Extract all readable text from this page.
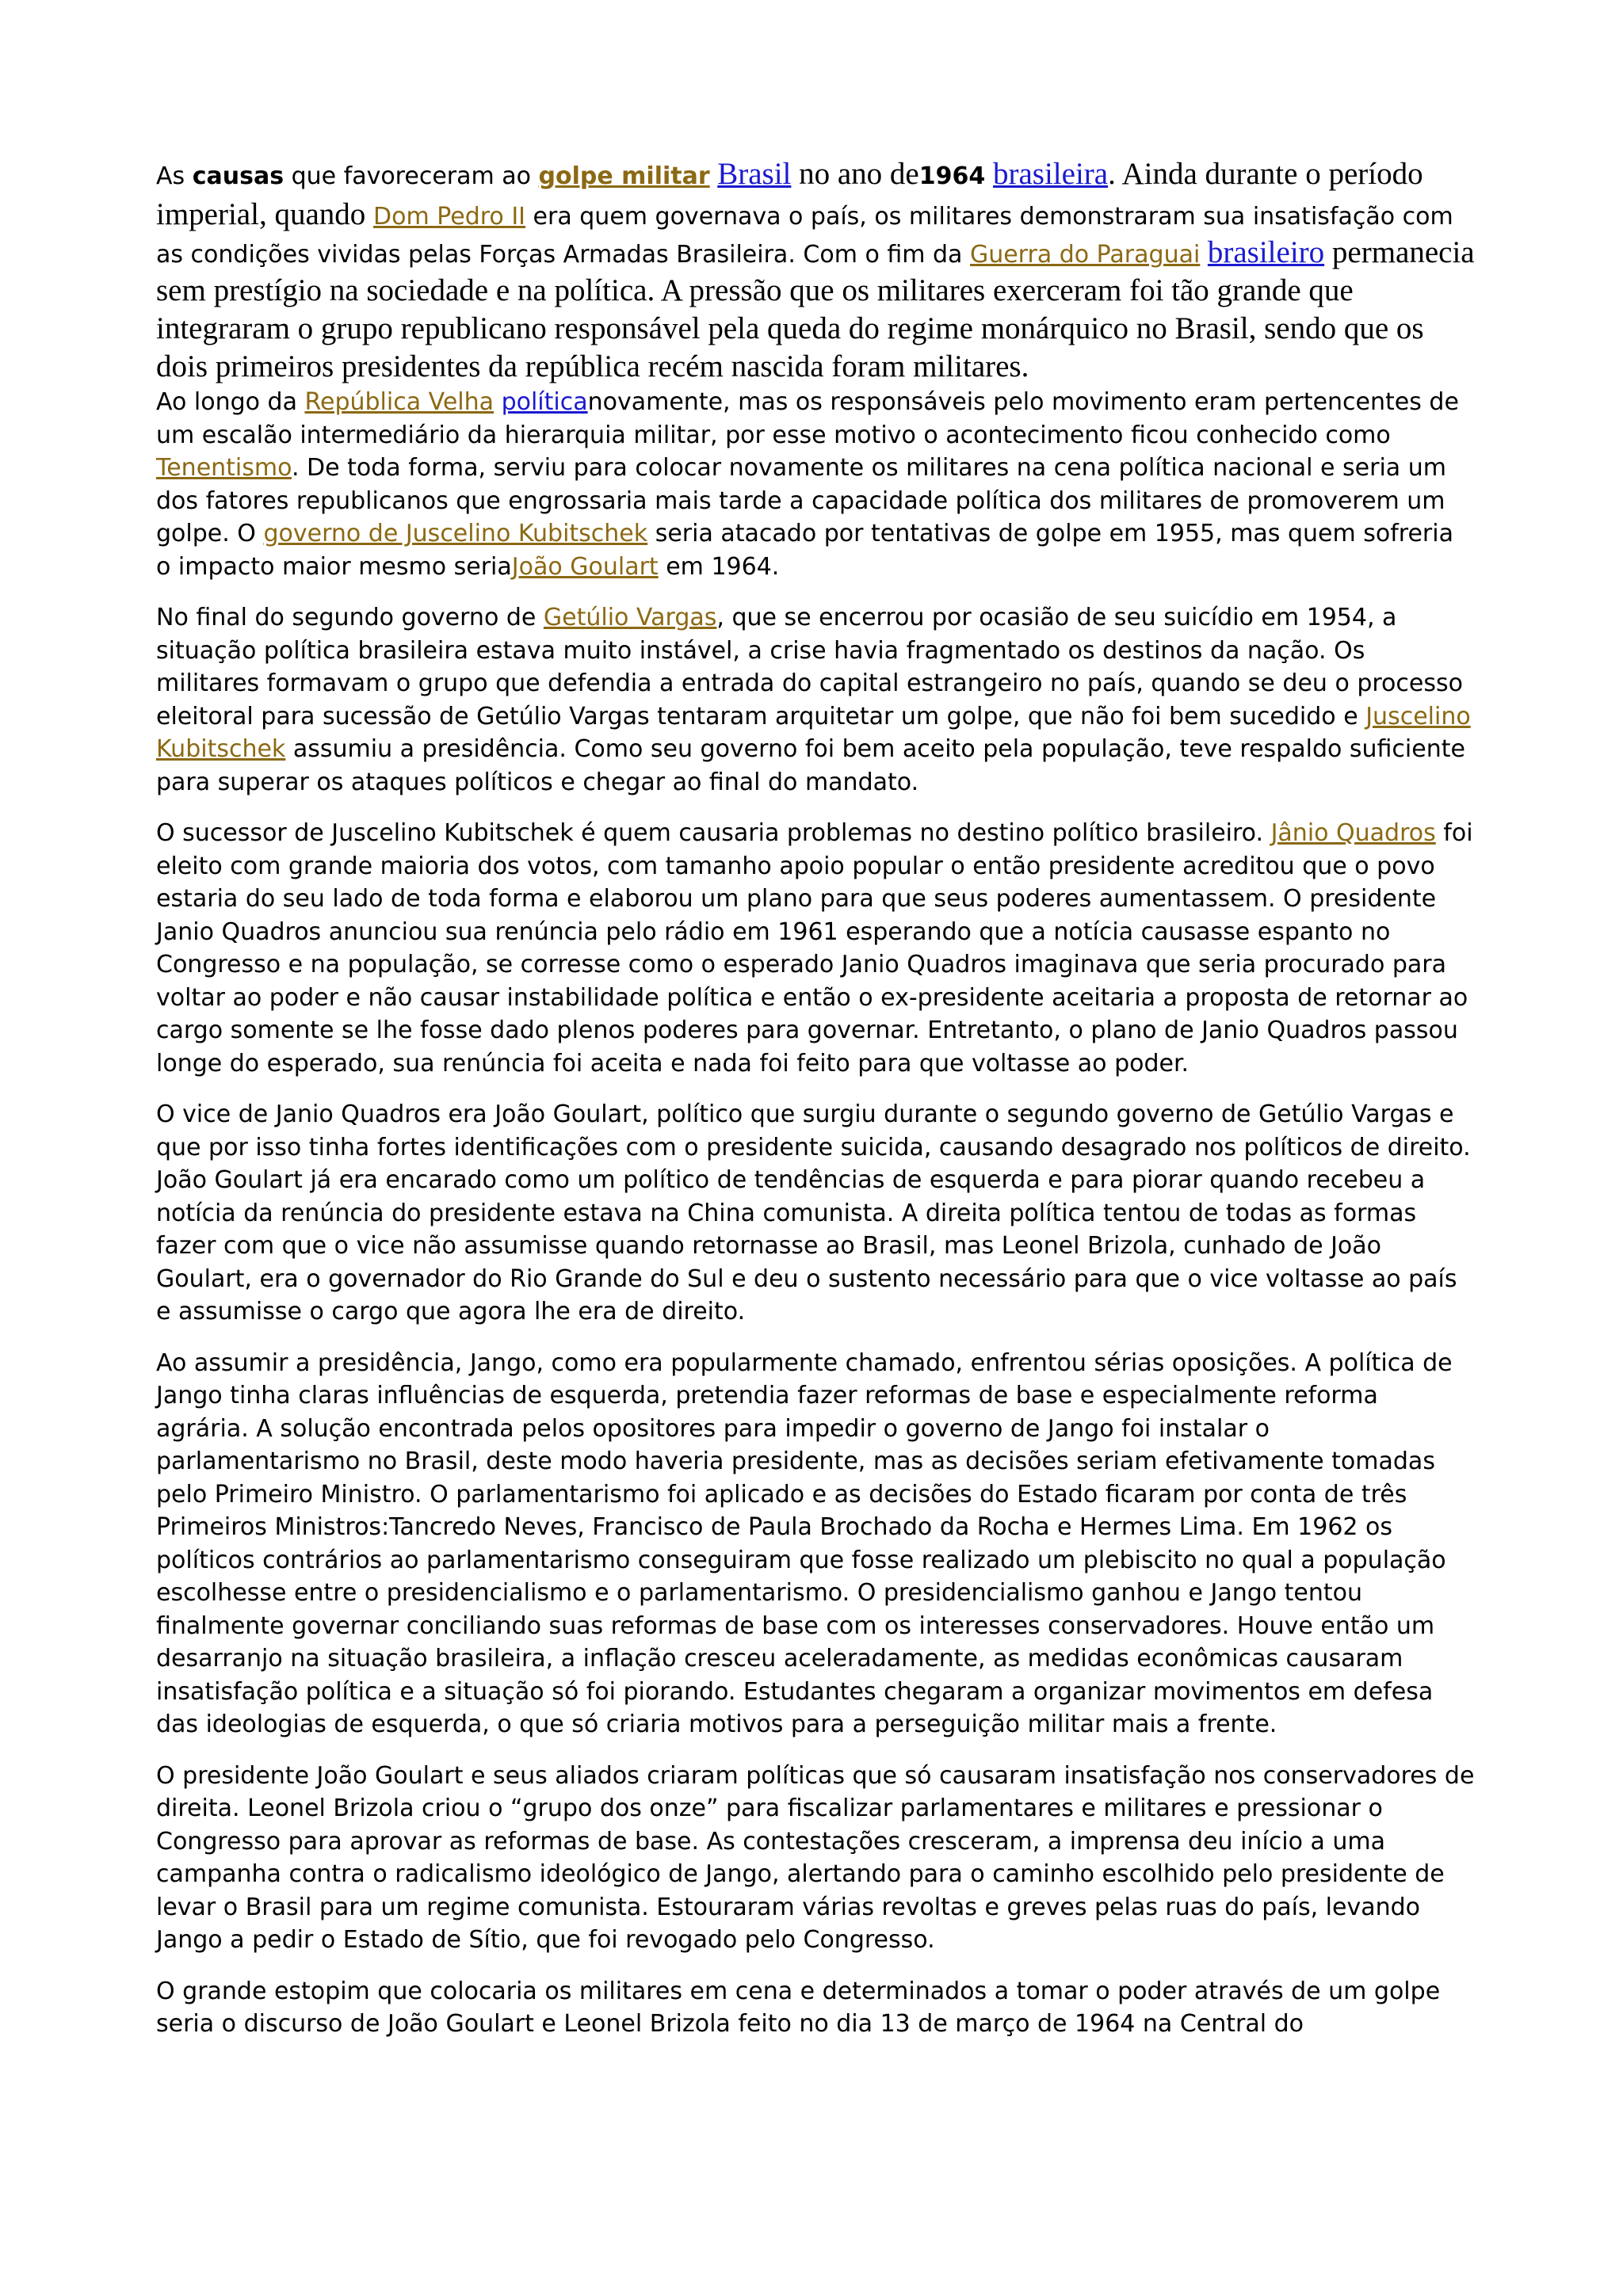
As causas que favoreceram ao golpe militar Brasil no ano de1964 brasileira. Ainda durante o período imperial, quando Dom Pedro II era quem governava o país, os militares demonstraram sua insatisfação com as condições vividas pelas Forças Armadas Brasileira. Com o fim da Guerra do Paraguai brasileiro permanecia sem prestígio na sociedade e na política. A pressão que os militares exerceram foi tão grande que integraram o grupo republicano responsável pela queda do regime monárquico no Brasil, sendo que os dois primeiros presidentes da república recém nascida foram militares.

Ao longo da República Velha políticanovamente, mas os responsáveis pelo movimento eram pertencentes de um escalão intermediário da hierarquia militar, por esse motivo o acontecimento ficou conhecido como Tenentismo. De toda forma, serviu para colocar novamente os militares na cena política nacional e seria um dos fatores republicanos que engrossaria mais tarde a capacidade política dos militares de promoverem um golpe. O governo de Juscelino Kubitschek seria atacado por tentativas de golpe em 1955, mas quem sofreria o impacto maior mesmo seriaJoão Goulart em 1964.

No final do segundo governo de Getúlio Vargas, que se encerrou por ocasião de seu suicídio em 1954, a situação política brasileira estava muito instável, a crise havia fragmentado os destinos da nação. Os militares formavam o grupo que defendia a entrada do capital estrangeiro no país, quando se deu o processo eleitoral para sucessão de Getúlio Vargas tentaram arquitetar um golpe, que não foi bem sucedido e Juscelino Kubitschek assumiu a presidência. Como seu governo foi bem aceito pela população, teve respaldo suficiente para superar os ataques políticos e chegar ao final do mandato.

O sucessor de Juscelino Kubitschek é quem causaria problemas no destino político brasileiro. Jânio Quadros foi eleito com grande maioria dos votos, com tamanho apoio popular o então presidente acreditou que o povo estaria do seu lado de toda forma e elaborou um plano para que seus poderes aumentassem. O presidente Janio Quadros anunciou sua renúncia pelo rádio em 1961 esperando que a notícia causasse espanto no Congresso e na população, se corresse como o esperado Janio Quadros imaginava que seria procurado para voltar ao poder e não causar instabilidade política e então o ex-presidente aceitaria a proposta de retornar ao cargo somente se lhe fosse dado plenos poderes para governar. Entretanto, o plano de Janio Quadros passou longe do esperado, sua renúncia foi aceita e nada foi feito para que voltasse ao poder.

O vice de Janio Quadros era João Goulart, político que surgiu durante o segundo governo de Getúlio Vargas e que por isso tinha fortes identificações com o presidente suicida, causando desagrado nos políticos de direito. João Goulart já era encarado como um político de tendências de esquerda e para piorar quando recebeu a notícia da renúncia do presidente estava na China comunista. A direita política tentou de todas as formas fazer com que o vice não assumisse quando retornasse ao Brasil, mas Leonel Brizola, cunhado de João Goulart, era o governador do Rio Grande do Sul e deu o sustento necessário para que o vice voltasse ao país e assumisse o cargo que agora lhe era de direito.

Ao assumir a presidência, Jango, como era popularmente chamado, enfrentou sérias oposições. A política de Jango tinha claras influências de esquerda, pretendia fazer reformas de base e especialmente reforma agrária. A solução encontrada pelos opositores para impedir o governo de Jango foi instalar o parlamentarismo no Brasil, deste modo haveria presidente, mas as decisões seriam efetivamente tomadas pelo Primeiro Ministro. O parlamentarismo foi aplicado e as decisões do Estado ficaram por conta de três Primeiros Ministros:Tancredo Neves, Francisco de Paula Brochado da Rocha e Hermes Lima. Em 1962 os políticos contrários ao parlamentarismo conseguiram que fosse realizado um plebiscito no qual a população escolhesse entre o presidencialismo e o parlamentarismo. O presidencialismo ganhou e Jango tentou finalmente governar conciliando suas reformas de base com os interesses conservadores. Houve então um desarranjo na situação brasileira, a inflação cresceu aceleradamente, as medidas econômicas causaram insatisfação política e a situação só foi piorando. Estudantes chegaram a organizar movimentos em defesa das ideologias de esquerda, o que só criaria motivos para a perseguição militar mais a frente.

O presidente João Goulart e seus aliados criaram políticas que só causaram insatisfação nos conservadores de direita. Leonel Brizola criou o “grupo dos onze” para fiscalizar parlamentares e militares e pressionar o Congresso para aprovar as reformas de base. As contestações cresceram, a imprensa deu início a uma campanha contra o radicalismo ideológico de Jango, alertando para o caminho escolhido pelo presidente de levar o Brasil para um regime comunista. Estouraram várias revoltas e greves pelas ruas do país, levando Jango a pedir o Estado de Sítio, que foi revogado pelo Congresso.

O grande estopim que colocaria os militares em cena e determinados a tomar o poder através de um golpe seria o discurso de João Goulart e Leonel Brizola feito no dia 13 de março de 1964 na Central do
